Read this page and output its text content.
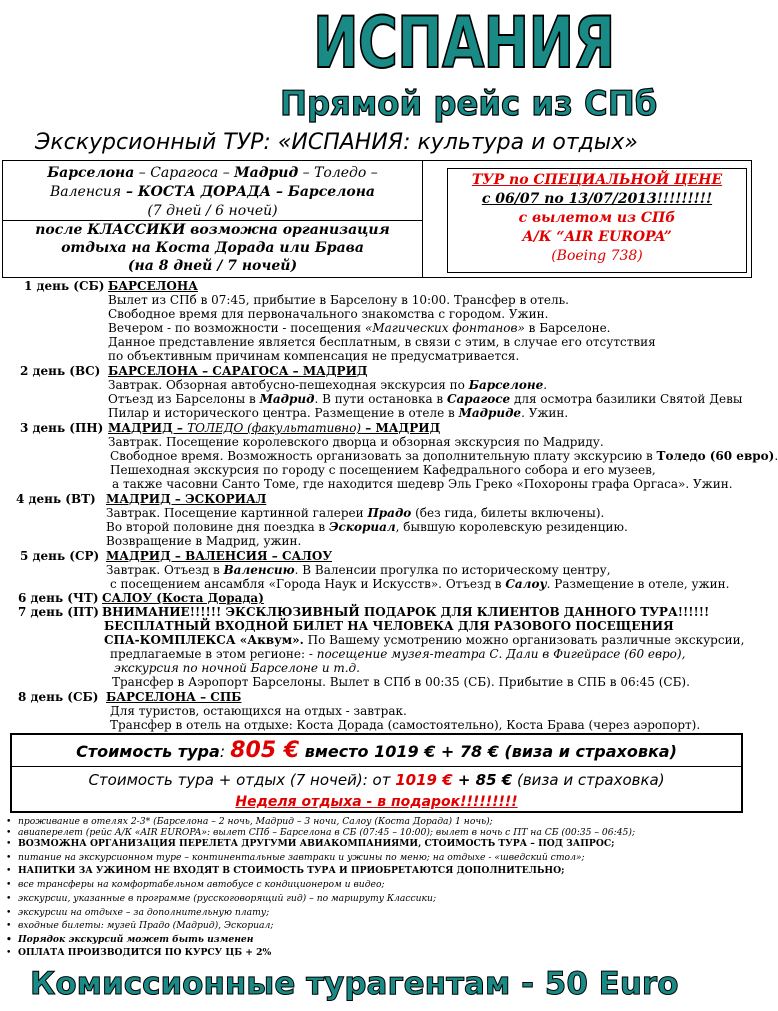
ИСПАНИЯ
Прямой рейс из СПб
Экскурсионный ТУР: «ИСПАНИЯ: культура и отдых»
Барселона – Сарагоса – Мадрид – Толедо –
Валенсия – КОСТА ДОРАДА – Барселона
(7 дней / 6 ночей)
после КЛАССИКИ возможна организация
отдыха на Коста Дорада или Брава
(на 8 дней / 7 ночей)
ТУР по СПЕЦИАЛЬНОЙ ЦЕНЕ
с 06/07 по 13/07/2013!!!!!!!!!
с вылетом из СПб
А/К “AIR EUROPA”
(Boeing 738)
1 день (СБ) БАРСЕЛОНА
Вылет из СПб в 07:45, прибытие в Барселону в 10:00. Трансфер в отель.
Свободное время для первоначального знакомства с городом. Ужин.
Вечером - по возможности - посещения «Магических фонтанов» в Барселоне.
Данное представление является бесплатным, в связи с этим, в случае его отсутствия
по объективным причинам компенсация не предусматривается.
2 день (ВС) БАРСЕЛОНА – САРАГОСА – МАДРИД
Завтрак. Обзорная автобусно-пешеходная экскурсия по Барселоне.
Отъезд из Барселоны в Мадрид. В пути остановка в Сарагосе для осмотра базилики Святой Девы
Пилар и исторического центра. Размещение в отеле в Мадриде. Ужин.
3 день (ПН) МАДРИД – ТОЛЕДО (факультативно) – МАДРИД
Завтрак. Посещение королевского дворца и обзорная экскурсия по Мадриду.
Свободное время. Возможность организовать за дополнительную плату экскурсию в Толедо (60 евро).
Пешеходная экскурсия по городу с посещением Кафедрального собора и его музеев,
а также часовни Санто Томе, где находится шедевр Эль Греко «Похороны графа Оргаса». Ужин.
4 день (ВТ) МАДРИД – ЭСКОРИАЛ
Завтрак. Посещение картинной галереи Прадо (без гида, билеты включены).
Во второй половине дня поездка в Эскориал, бывшую королевскую резиденцию.
Возвращение в Мадрид, ужин.
5 день (СР) МАДРИД – ВАЛЕНСИЯ – САЛОУ
Завтрак. Отъезд в Валенсию. В Валенсии прогулка по историческому центру,
с посещением ансамбля «Города Наук и Искусств». Отъезд в Салоу. Размещение в отеле, ужин.
6 день (ЧТ) САЛОУ (Коста Дорада)
7 день (ПТ) ВНИМАНИЕ!!!!!! ЭКСКЛЮЗИВНЫЙ ПОДАРОК ДЛЯ КЛИЕНТОВ ДАННОГО ТУРА!!!!!!
БЕСПЛАТНЫЙ ВХОДНОЙ БИЛЕТ НА ЧЕЛОВЕКА ДЛЯ РАЗОВОГО ПОСЕЩЕНИЯ
СПА-КОМПЛЕКСА «Аквум». По Вашему усмотрению можно организовать различные экскурсии,
предлагаемые в этом регионе: - посещение музея-театра С. Дали в Фигейрасе (60 евро),
экскурсия по ночной Барселоне и т.д.
Трансфер в Аэропорт Барселоны. Вылет в СПб в 00:35 (СБ). Прибытие в СПБ в 06:45 (СБ).
8 день (СБ) БАРСЕЛОНА – СПБ
Для туристов, остающихся на отдых - завтрак.
Трансфер в отель на отдыхе: Коста Дорада (самостоятельно), Коста Брава (через аэропорт).
Стоимость тура: 805 € вместо 1019 € + 78 € (виза и страховка)
Стоимость тура + отдых (7 ночей): от 1019 € + 85 € (виза и страховка)
Неделя отдыха - в подарок!!!!!!!!!
• проживание в отелях 2-3* (Барселона – 2 ночь, Мадрид – 3 ночи, Салоу (Коста Дорада) 1 ночь);
• авиаперелет (рейс А/К «AIR EUROPA»: вылет СПб – Барселона в СБ (07:45 – 10:00); вылет в ночь с ПТ на СБ (00:35 – 06:45);
• ВОЗМОЖНА ОРГАНИЗАЦИЯ ПЕРЕЛЕТА ДРУГУМИ АВИАКОМПАНИЯМИ, СТОИМОСТЬ ТУРА – ПОД ЗАПРОС;
• питание на экскурсионном туре – континентальные завтраки и ужины по меню; на отдыхе - «шведский стол»;
• НАПИТКИ ЗА УЖИНОМ НЕ ВХОДЯТ В СТОИМОСТЬ ТУРА И ПРИОБРЕТАЮТСЯ ДОПОЛНИТЕЛЬНО;
• все трансферы на комфортабельном автобусе с кондиционером и видео;
• экскурсии, указанные в программе (русскоговорящий гид) – по маршруту Классики;
• экскурсии на отдыхе – за дополнительную плату;
• входные билеты: музей Прадо (Мадрид), Эскориал;
• Порядок экскурсий может быть изменен
• ОПЛАТА ПРОИЗВОДИТСЯ ПО КУРСУ ЦБ + 2%
Комиссионные турагентам - 50 Euro
